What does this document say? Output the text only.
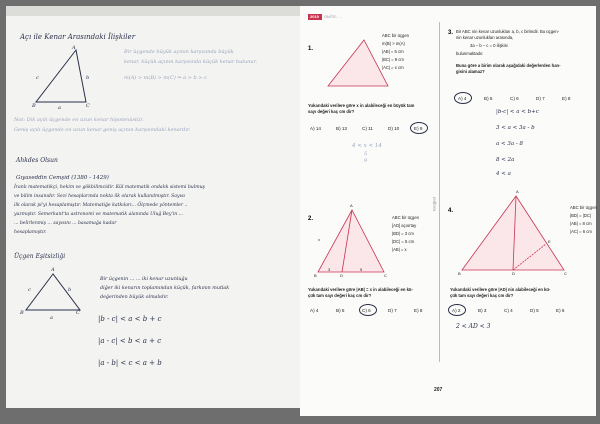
Açı ile Kenar Arasındaki İlişkiler
A
B	C
c	b
a
Bir üçgende büyük açının karşısında büyük
kenar, küçük açının karşısında küçük kenar bulunur.
m(A) > m(B) > m(C) ⇒ a > b > c
Not: Dik açılı üçgende en uzun kenar hipotenüstür.
Geniş açılı üçgende en uzun kenar geniş açının karşısındaki kenardır.
Ahkdes Olsun
Gıyaseddin Cemşid (1380 - 1429)
İranlı matematikçi, hekim ve gökbilimcidir. Kül matematik ondalık sistemi bulmuş
ve bilim insanıdır. Sezi hesaplarında nokta ilk olarak kullanılmıştır. Sayısı
ilk olarak pi'yi hesaplamıştır. Matematiğe katkıları... Ölçmede yöntemler ..
yazmıştır. Semerkant'ta astronomi ve matematik alanında Uluğ Bey'in ...
... belirlenmiş ... sayısını ... basamağa kadar
hesaplamıştır.
Üçgen Eşitsizliği
A
B	C
c	b
a
Bir üçgenin ... ... iki kenar uzunluğu
diğer iki kenarın toplamından küçük, farkının mutlak
değerinden büyük olmalıdır.
|b - c| < a < b + c
|a - c| < b < a + c
|a - b| < c < a + b
2019 ÜNİTE: ...
fotoğraf
1.
ABC bir üçgen
m(B) > m(A)
|AB| = 5 cm
|BC| = 9 cm
|AC| = x cm
Yukarıdaki verilere göre x in alabileceği en büyük tam
sayı değeri kaç cm dir?
A) 14	B) 13	C) 11	D) 10	E) 9
4 < x < 14
5
9
2.
A
B	D	C
3	5
x
ABC bir üçgen
[AD] açıortay
|BD| = 3 cm
|DC| = 5 cm
|AB| = x
Yukarıdaki verilere göre |AB| = x in alabileceği en kü-
çük tam sayı değeri kaç cm dir?
A) 4	B) 5	C) 6	D) 7	E) 8
3. Bir ABC nin kenar uzunlukları a, b, c birimdir. Bu üçgen-
nin kenar uzunlukları arasında,
3a – b – c = 0 ilişkisi
bulunmaktadır.
Buna göre a birim olarak aşağıdaki değerlerden han-
gisini alamaz?
A) 4	B) 5	C) 6	D) 7	E) 8
|b-c| < a < b+c
3 < a < 3a - b
a < 3a - 8
8 < 2a
4 < a
4.
A
B	D	C
E
ABC bir üçgen
|BD| = |DC|
|AB| = 8 cm
|AC| = 6 cm
Yukarıdaki verilere göre |AD| nin alabileceği en kü-
çük tam sayı değeri kaç cm dir?
A) 2	B) 3	C) 4	D) 5	E) 6
2 < AD < 3
207
